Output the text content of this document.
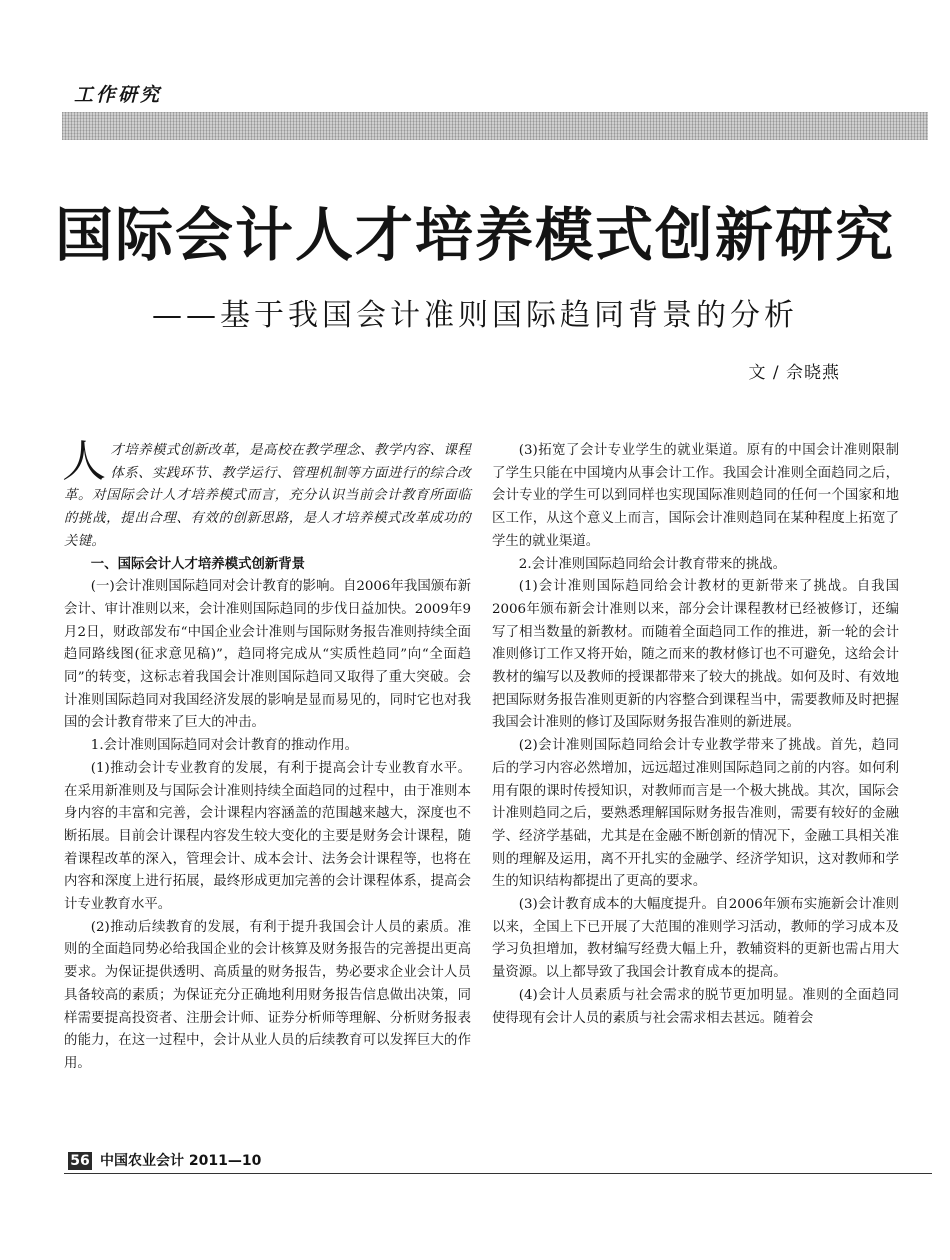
工作研究
国际会计人才培养模式创新研究
——基于我国会计准则国际趋同背景的分析
文 / 佘晓燕

人才培养模式创新改革，是高校在教学理念、教学内容、课程体系、实践环节、教学运行、管理机制等方面进行的综合改革。对国际会计人才培养模式而言，充分认识当前会计教育所面临的挑战，提出合理、有效的创新思路，是人才培养模式改革成功的关键。

一、国际会计人才培养模式创新背景

(一)会计准则国际趋同对会计教育的影响。自2006年我国颁布新会计、审计准则以来，会计准则国际趋同的步伐日益加快。2009年9月2日，财政部发布“中国企业会计准则与国际财务报告准则持续全面趋同路线图(征求意见稿)”，趋同将完成从“实质性趋同”向“全面趋同”的转变，这标志着我国会计准则国际趋同又取得了重大突破。会计准则国际趋同对我国经济发展的影响是显而易见的，同时它也对我国的会计教育带来了巨大的冲击。

1.会计准则国际趋同对会计教育的推动作用。

(1)推动会计专业教育的发展，有利于提高会计专业教育水平。在采用新准则及与国际会计准则持续全面趋同的过程中，由于准则本身内容的丰富和完善，会计课程内容涵盖的范围越来越大，深度也不断拓展。目前会计课程内容发生较大变化的主要是财务会计课程，随着课程改革的深入，管理会计、成本会计、法务会计课程等，也将在内容和深度上进行拓展，最终形成更加完善的会计课程体系，提高会计专业教育水平。

(2)推动后续教育的发展，有利于提升我国会计人员的素质。准则的全面趋同势必给我国企业的会计核算及财务报告的完善提出更高要求。为保证提供透明、高质量的财务报告，势必要求企业会计人员具备较高的素质；为保证充分正确地利用财务报告信息做出决策，同样需要提高投资者、注册会计师、证券分析师等理解、分析财务报表的能力，在这一过程中，会计从业人员的后续教育可以发挥巨大的作用。

(3)拓宽了会计专业学生的就业渠道。原有的中国会计准则限制了学生只能在中国境内从事会计工作。我国会计准则全面趋同之后，会计专业的学生可以到同样也实现国际准则趋同的任何一个国家和地区工作，从这个意义上而言，国际会计准则趋同在某种程度上拓宽了学生的就业渠道。

2.会计准则国际趋同给会计教育带来的挑战。

(1)会计准则国际趋同给会计教材的更新带来了挑战。自我国2006年颁布新会计准则以来，部分会计课程教材已经被修订，还编写了相当数量的新教材。而随着全面趋同工作的推进，新一轮的会计准则修订工作又将开始，随之而来的教材修订也不可避免，这给会计教材的编写以及教师的授课都带来了较大的挑战。如何及时、有效地把国际财务报告准则更新的内容整合到课程当中，需要教师及时把握我国会计准则的修订及国际财务报告准则的新进展。

(2)会计准则国际趋同给会计专业教学带来了挑战。首先，趋同后的学习内容必然增加，远远超过准则国际趋同之前的内容。如何利用有限的课时传授知识，对教师而言是一个极大挑战。其次，国际会计准则趋同之后，要熟悉理解国际财务报告准则，需要有较好的金融学、经济学基础，尤其是在金融不断创新的情况下，金融工具相关准则的理解及运用，离不开扎实的金融学、经济学知识，这对教师和学生的知识结构都提出了更高的要求。

(3)会计教育成本的大幅度提升。自2006年颁布实施新会计准则以来，全国上下已开展了大范围的准则学习活动，教师的学习成本及学习负担增加，教材编写经费大幅上升，教辅资料的更新也需占用大量资源。以上都导致了我国会计教育成本的提高。

(4)会计人员素质与社会需求的脱节更加明显。准则的全面趋同使得现有会计人员的素质与社会需求相去甚远。随着会

56 中国农业会计 2011—10
